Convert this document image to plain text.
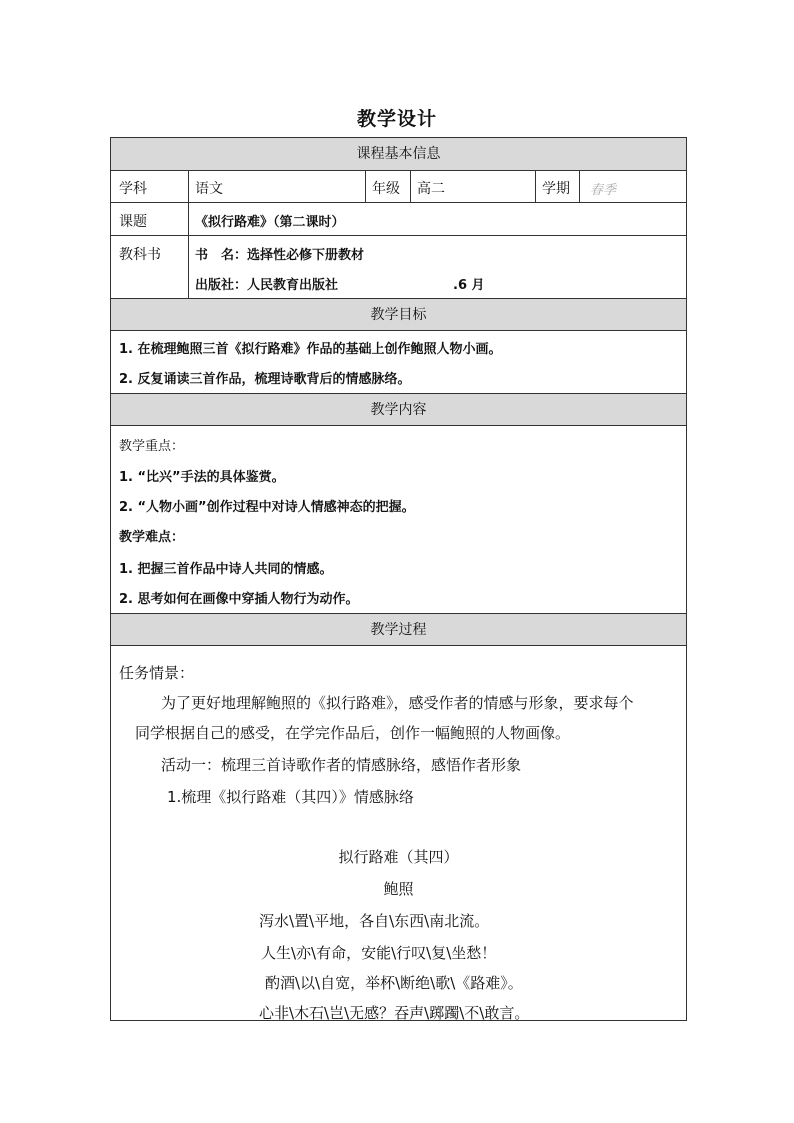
教学设计
课程基本信息
学科	语文	年级 高二	学期 春季
课题	《拟行路难》（第二课时）
教科书	书　名：选择性必修下册教材
出版社：人民教育出版社	.6 月
教学目标
1. 在梳理鲍照三首《拟行路难》作品的基础上创作鲍照人物小画。
2. 反复诵读三首作品，梳理诗歌背后的情感脉络。
教学内容
教学重点：
1. “比兴”手法的具体鉴赏。
2. “人物小画”创作过程中对诗人情感神态的把握。
教学难点：
1. 把握三首作品中诗人共同的情感。
2. 思考如何在画像中穿插人物行为动作。
教学过程
任务情景：
为了更好地理解鲍照的《拟行路难》，感受作者的情感与形象，要求每个
同学根据自己的感受，在学完作品后，创作一幅鲍照的人物画像。
活动一：梳理三首诗歌作者的情感脉络，感悟作者形象
1.梳理《拟行路难（其四）》情感脉络
拟行路难（其四）
鲍照
泻水\置\平地，各自\东西\南北流。
人生\亦\有命，安能\行叹\复\坐愁！
酌酒\以\自宽，举杯\断绝\歌\《路难》。
心非\木石\岂\无感？吞声\踯躅\不\敢言。
